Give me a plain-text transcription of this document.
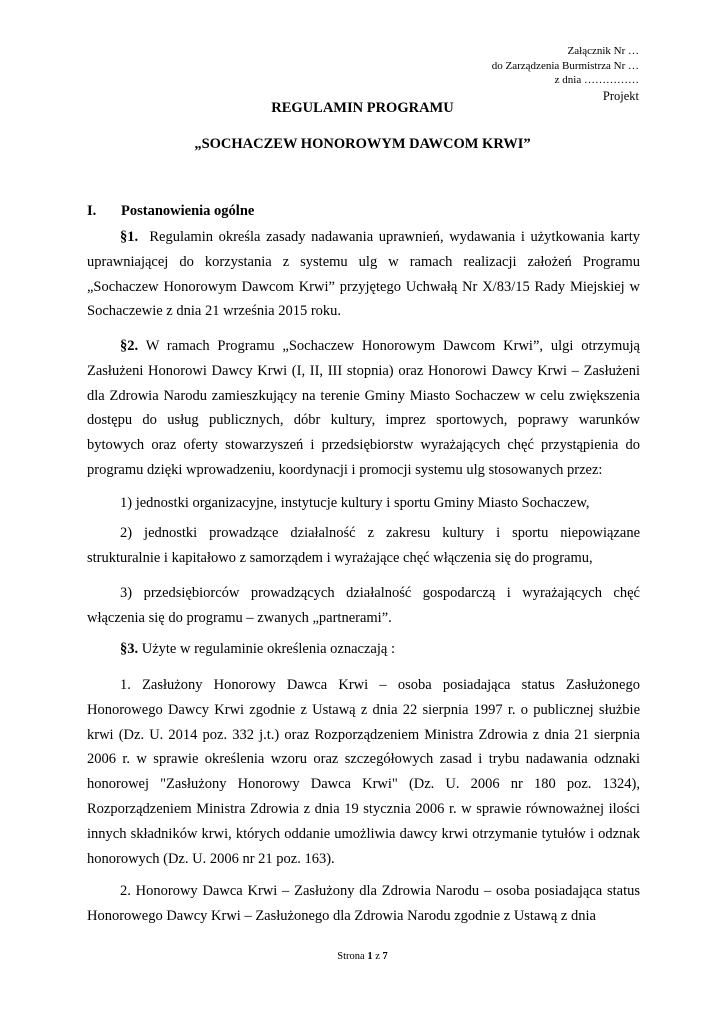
Załącznik Nr …
do Zarządzenia Burmistrza Nr …
z dnia ……………
Projekt
REGULAMIN PROGRAMU
„SOCHACZEW HONOROWYM DAWCOM KRWI”
I. Postanowienia ogólne

§1. Regulamin określa zasady nadawania uprawnień, wydawania i użytkowania karty uprawniającej do korzystania z systemu ulg w ramach realizacji założeń Programu „Sochaczew Honorowym Dawcom Krwi” przyjętego Uchwałą Nr X/83/15 Rady Miejskiej w Sochaczewie z dnia 21 września 2015 roku.

§2. W ramach Programu „Sochaczew Honorowym Dawcom Krwi”, ulgi otrzymują Zasłużeni Honorowi Dawcy Krwi (I, II, III stopnia) oraz Honorowi Dawcy Krwi – Zasłużeni dla Zdrowia Narodu zamieszkujący na terenie Gminy Miasto Sochaczew w celu zwiększenia dostępu do usług publicznych, dóbr kultury, imprez sportowych, poprawy warunków bytowych oraz oferty stowarzyszeń i przedsiębiorstw wyrażających chęć przystąpienia do programu dzięki wprowadzeniu, koordynacji i promocji systemu ulg stosowanych przez:

1) jednostki organizacyjne, instytucje kultury i sportu Gminy Miasto Sochaczew,

2) jednostki prowadzące działalność z zakresu kultury i sportu niepowiązane strukturalnie i kapitałowo z samorządem i wyrażające chęć włączenia się do programu,

3) przedsiębiorców prowadzących działalność gospodarczą i wyrażających chęć włączenia się do programu – zwanych „partnerami”.

§3. Użyte w regulaminie określenia oznaczają :

1. Zasłużony Honorowy Dawca Krwi – osoba posiadająca status Zasłużonego Honorowego Dawcy Krwi zgodnie z Ustawą z dnia 22 sierpnia 1997 r. o publicznej służbie krwi (Dz. U. 2014 poz. 332 j.t.) oraz Rozporządzeniem Ministra Zdrowia z dnia 21 sierpnia 2006 r. w sprawie określenia wzoru oraz szczegółowych zasad i trybu nadawania odznaki honorowej "Zasłużony Honorowy Dawca Krwi" (Dz. U. 2006 nr 180 poz. 1324), Rozporządzeniem Ministra Zdrowia z dnia 19 stycznia 2006 r. w sprawie równoważnej ilości innych składników krwi, których oddanie umożliwia dawcy krwi otrzymanie tytułów i odznak honorowych (Dz. U. 2006 nr 21 poz. 163).

2. Honorowy Dawca Krwi – Zasłużony dla Zdrowia Narodu – osoba posiadająca status Honorowego Dawcy Krwi – Zasłużonego dla Zdrowia Narodu zgodnie z Ustawą z dnia

Strona 1 z 7
